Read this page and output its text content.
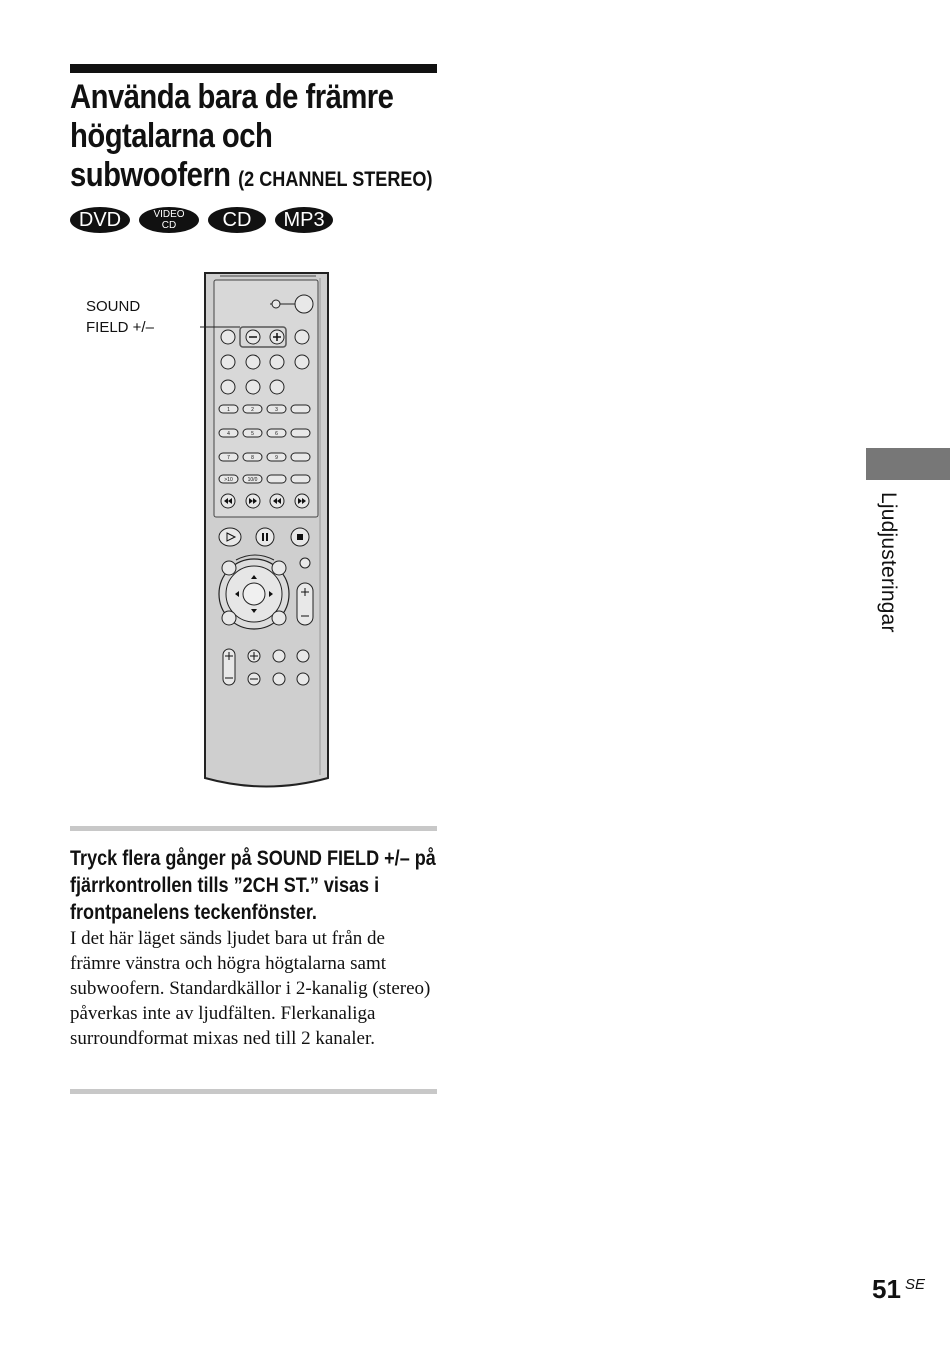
Använda bara de främre
högtalarna och
subwoofern (2 CHANNEL STEREO)
DVD	VIDEO
CD	CD	MP3
SOUND
FIELD +/–
1	2	3
4	5	6
7	8	9
>10	10/0
Tryck flera gånger på SOUND FIELD +/– på fjärrkontrollen tills ”2CH ST.” visas i frontpanelens teckenfönster.
I det här läget sänds ljudet bara ut från de främre vänstra och högra högtalarna samt subwoofern. Standardkällor i 2-kanalig (stereo) påverkas inte av ljudfälten. Flerkanaliga surroundformat mixas ned till 2 kanaler.
Ljudjusteringar
51 SE
